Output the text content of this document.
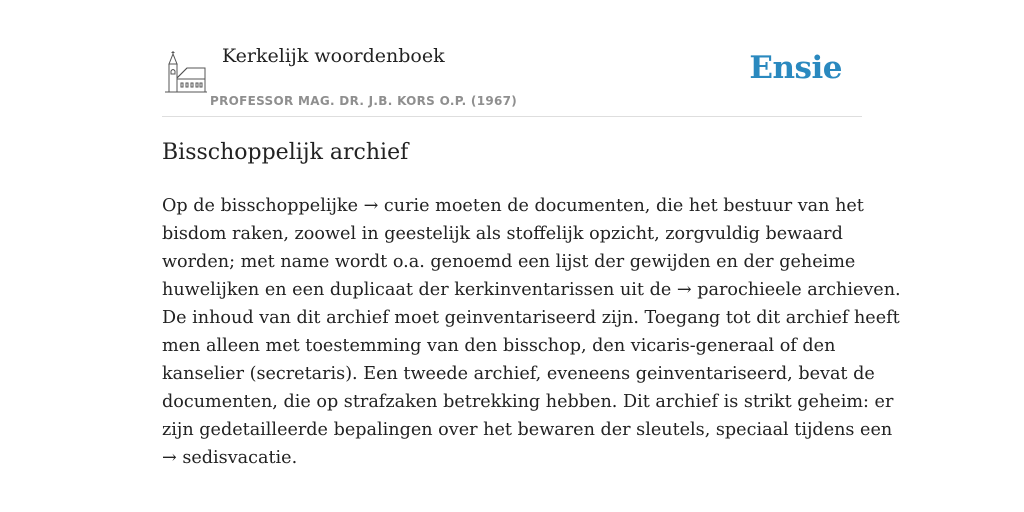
Kerkelijk woordenboek
PROFESSOR MAG. DR. J.B. KORS O.P. (1967)
Ensie
Bisschoppelijk archief

Op de bisschoppelijke → curie moeten de documenten, die het bestuur van het
bisdom raken, zoowel in geestelijk als stoffelijk opzicht, zorgvuldig bewaard
worden; met name wordt o.a. genoemd een lijst der gewijden en der geheime
huwelijken en een duplicaat der kerkinventarissen uit de → parochieele archieven.
De inhoud van dit archief moet geinventariseerd zijn. Toegang tot dit archief heeft
men alleen met toestemming van den bisschop, den vicaris-generaal of den
kanselier (secretaris). Een tweede archief, eveneens geinventariseerd, bevat de
documenten, die op strafzaken betrekking hebben. Dit archief is strikt geheim: er
zijn gedetailleerde bepalingen over het bewaren der sleutels, speciaal tijdens een
→ sedisvacatie.
